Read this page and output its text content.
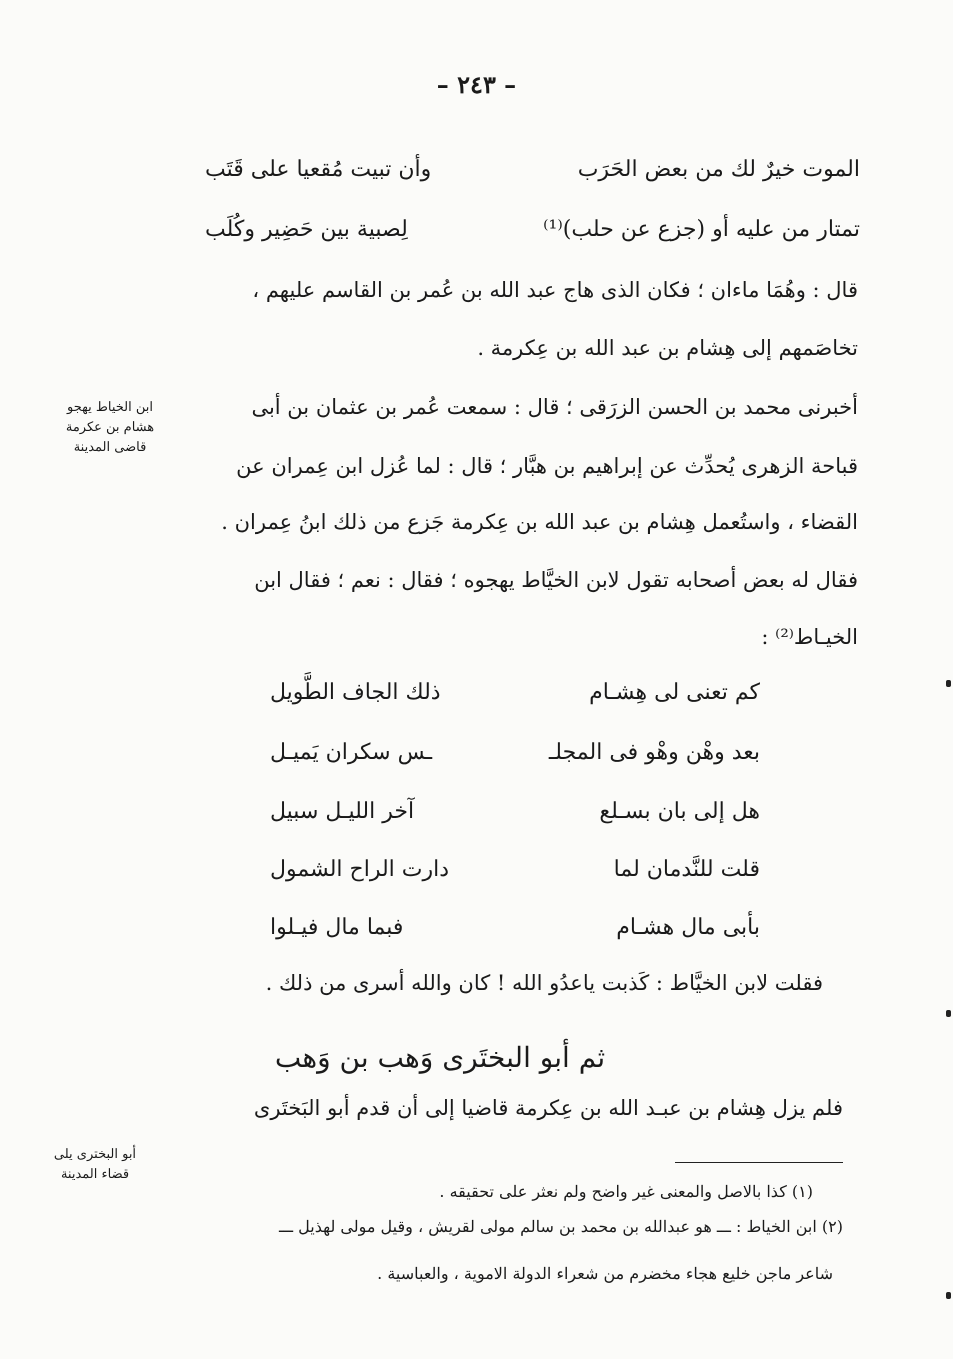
– ٢٤٣ –
الموت خيرٌ لك من بعض الحَرَب
وأن تبيت مُقعيا على قَتَب
تمتار من عليه أو (جزع عن حلب)⁽¹⁾
لِصبية بين حَضِير وكُلَب
قال : وهُمَا ماءان ؛ فكان الذى هاج عبد الله بن عُمر بن القاسم عليهم ،
تخاصَمهم إلى هِشام بن عبد الله بن عِكرمة .
أخبرنى محمد بن الحسن الزرَقى ؛ قال : سمعت عُمر بن عثمان بن أبى
قباحة الزهرى يُحدِّث عن إبراهيم بن هبَّار ؛ قال : لما عُزل ابن عِمران عن
القضاء ، واستُعمل هِشام بن عبد الله بن عِكرمة جَزع من ذلك ابنُ عِمران .
فقال له بعض أصحابه تقول لابن الخيَّاط يهجوه ؛ فقال : نعم ؛ فقال ابن
الخيـاط⁽²⁾ :
ابن الخياط يهجو
هشام بن عكرمة
قاضى المدينة
كم تعنى لى هِشـام
ذلك الجاف الطَّويل
بعد وهْن وهْو فى المجلـ
ـس سكران يَميـل
هل إلى بان بسـلع
آخر الليـل سبيل
قلت للنَّدمان لما
دارت الراح الشمول
بأبى مال هشـام
فبما مال فيـلوا
فقلت لابن الخيَّاط : كَذبت ياعدُو الله ! كان والله أسرى من ذلك .
ثم أبو البختَرى وَهب بن وَهب
فلم يزل هِشام بن عبـد الله بن عِكرمة قاضيا إلى أن قدم أبو البَختَرى
أبو البخترى يلى
قضاء المدينة
(١) كذا بالاصل والمعنى غير واضح ولم نعثر على تحقيقه .
(٢) ابن الخياط : ـــ هو عبدالله بن محمد بن سالم مولى لقريش ، وقيل مولى لهذيل ـــ
شاعر ماجن خليع هجاء مخضرم من شعراء الدولة الاموية ، والعباسية .
